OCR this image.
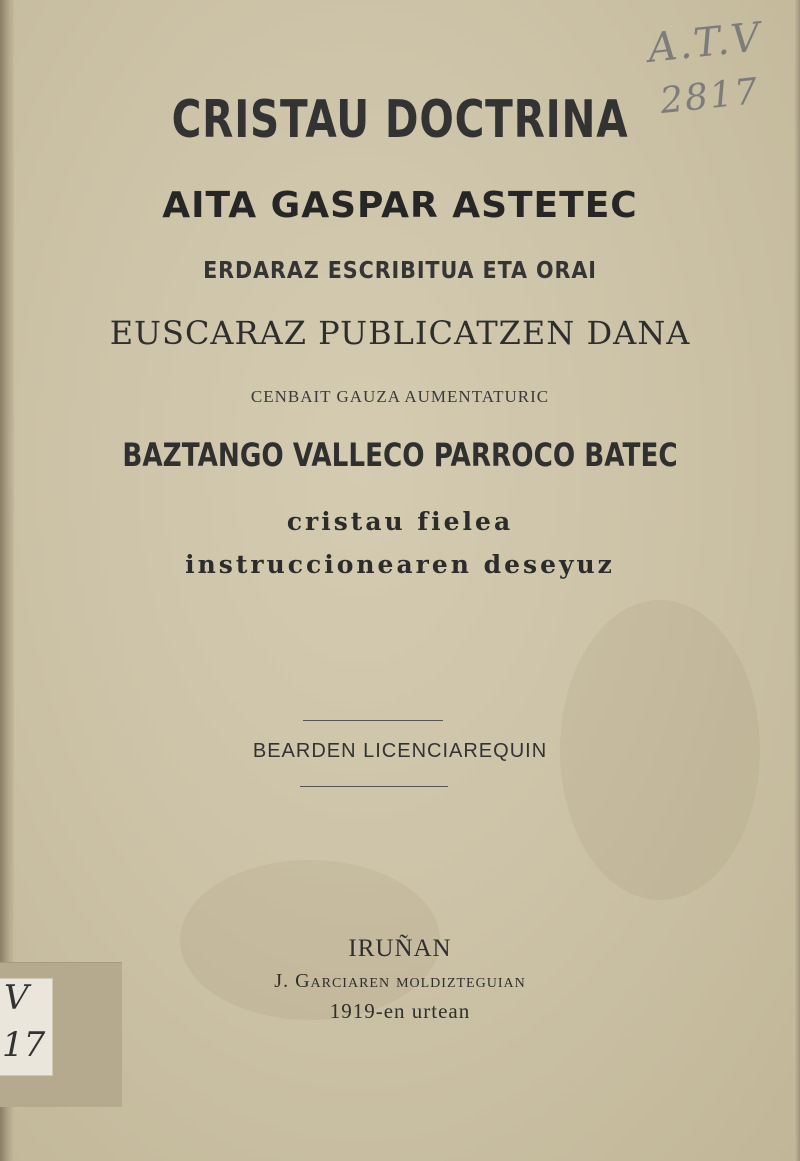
A.T.V
2817
CRISTAU DOCTRINA
AITA GASPAR ASTETEC
ERDARAZ ESCRIBITUA ETA ORAI
EUSCARAZ PUBLICATZEN DANA
CENBAIT GAUZA AUMENTATURIC
BAZTANGO VALLECO PARROCO BATEC
cristau fielea
instruccionearen deseyuz
BEARDEN LICENCIAREQUIN
IRUÑAN
J. Garciaren moldizteguian
1919-en urtean
V
17
